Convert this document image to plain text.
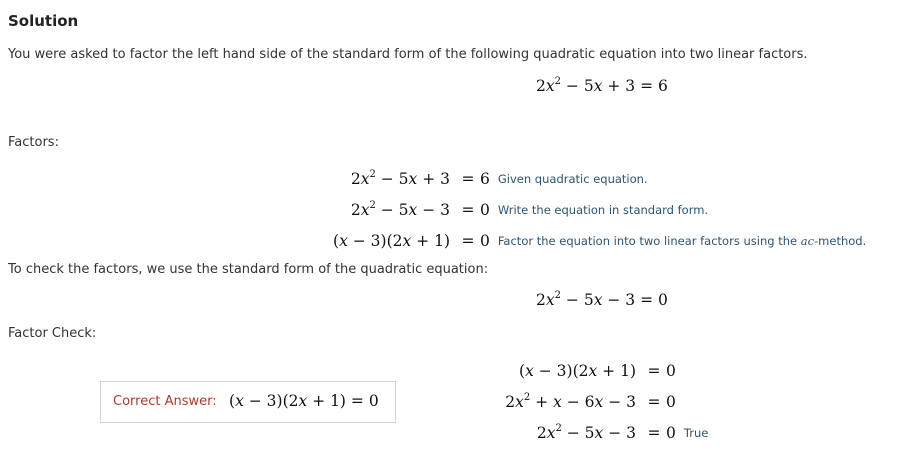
Solution
You were asked to factor the left hand side of the standard form of the following quadratic equation into two linear factors.
$2x^2 - 5x + 3 = 6$
Factors:
$2x^2 - 5x + 3$	=	6	Given quadratic equation.
$2x^2 - 5x - 3$	=	0	Write the equation in standard form.
(x − 3)(2x + 1)	=	0	Factor the equation into two linear factors using the ac-method.
To check the factors, we use the standard form of the quadratic equation:
$2x^2 - 5x - 3 = 0$
Factor Check:
Correct Answer: (x − 3)(2x + 1) = 0
(x − 3)(2x + 1)	=	0	
$2x^2 + x - 6x - 3$	=	0	
$2x^2 - 5x - 3$	=	0	True
